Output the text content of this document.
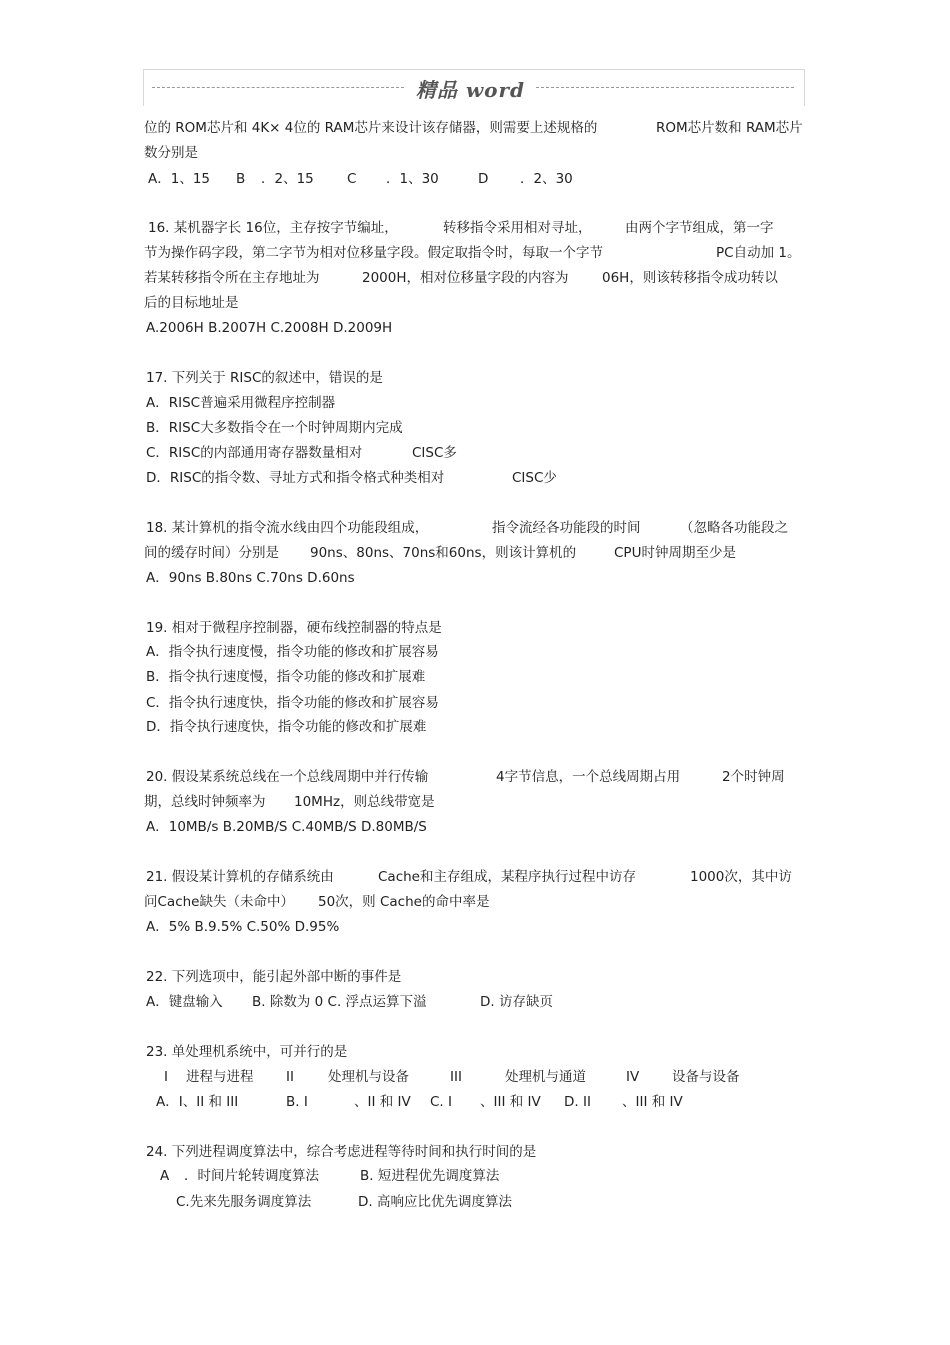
精品 word
位的 ROM芯片和 4K× 4位的 RAM芯片来设计该存储器，则需要上述规格的	ROM芯片数和 RAM芯片
数分别是
A．1、15 B ．2、15 C ．1、30	D ．2、30
16. 某机器字长 16位，主存按字节编址，	转移指令采用相对寻址， 由两个字节组成，第一字
节为操作码字段，第二字节为相对位移量字段。假定取指令时，每取一个字节	PC自动加 1。
若某转移指令所在主存地址为	2000H，相对位移量字段的内容为 06H，则该转移指令成功转以
后的目标地址是
A.2006H B.2007H C.2008H D.2009H
17. 下列关于 RISC的叙述中，错误的是
A．RISC普遍采用微程序控制器
B．RISC大多数指令在一个时钟周期内完成
C．RISC的内部通用寄存器数量相对	CISC多
D．RISC的指令数、寻址方式和指令格式种类相对	CISC少
18. 某计算机的指令流水线由四个功能段组成，	指令流经各功能段的时间	（忽略各功能段之
间的缓存时间）分别是 90ns、80ns、70ns和60ns，则该计算机的	CPU时钟周期至少是
A．90ns B.80ns C.70ns D.60ns
19. 相对于微程序控制器，硬布线控制器的特点是
A．指令执行速度慢，指令功能的修改和扩展容易
B．指令执行速度慢，指令功能的修改和扩展难
C．指令执行速度快，指令功能的修改和扩展容易
D．指令执行速度快，指令功能的修改和扩展难
20. 假设某系统总线在一个总线周期中并行传输	4字节信息，一个总线周期占用	2个时钟周
期，总线时钟频率为 10MHz，则总线带宽是
A．10MB/s B.20MB/S C.40MB/S D.80MB/S
21. 假设某计算机的存储系统由	Cache和主存组成，某程序执行过程中访存	1000次，其中访
问Cache缺失（未命中） 50次，则 Cache的命中率是
A．5% B.9.5% C.50% D.95%
22. 下列选项中，能引起外部中断的事件是
A．键盘输入 B. 除数为 0 C. 浮点运算下溢	D. 访存缺页
23. 单处理机系统中，可并行的是
I 进程与进程 II	处理机与设备	III	处理机与通道	IV 设备与设备
A．I、II 和 III	B. I	、II 和 IV C. I 、III 和 IV D. II 、III 和 IV
24. 下列进程调度算法中，综合考虑进程等待时间和执行时间的是
A ．时间片轮转调度算法	B. 短进程优先调度算法
C.先来先服务调度算法	D. 高响应比优先调度算法
